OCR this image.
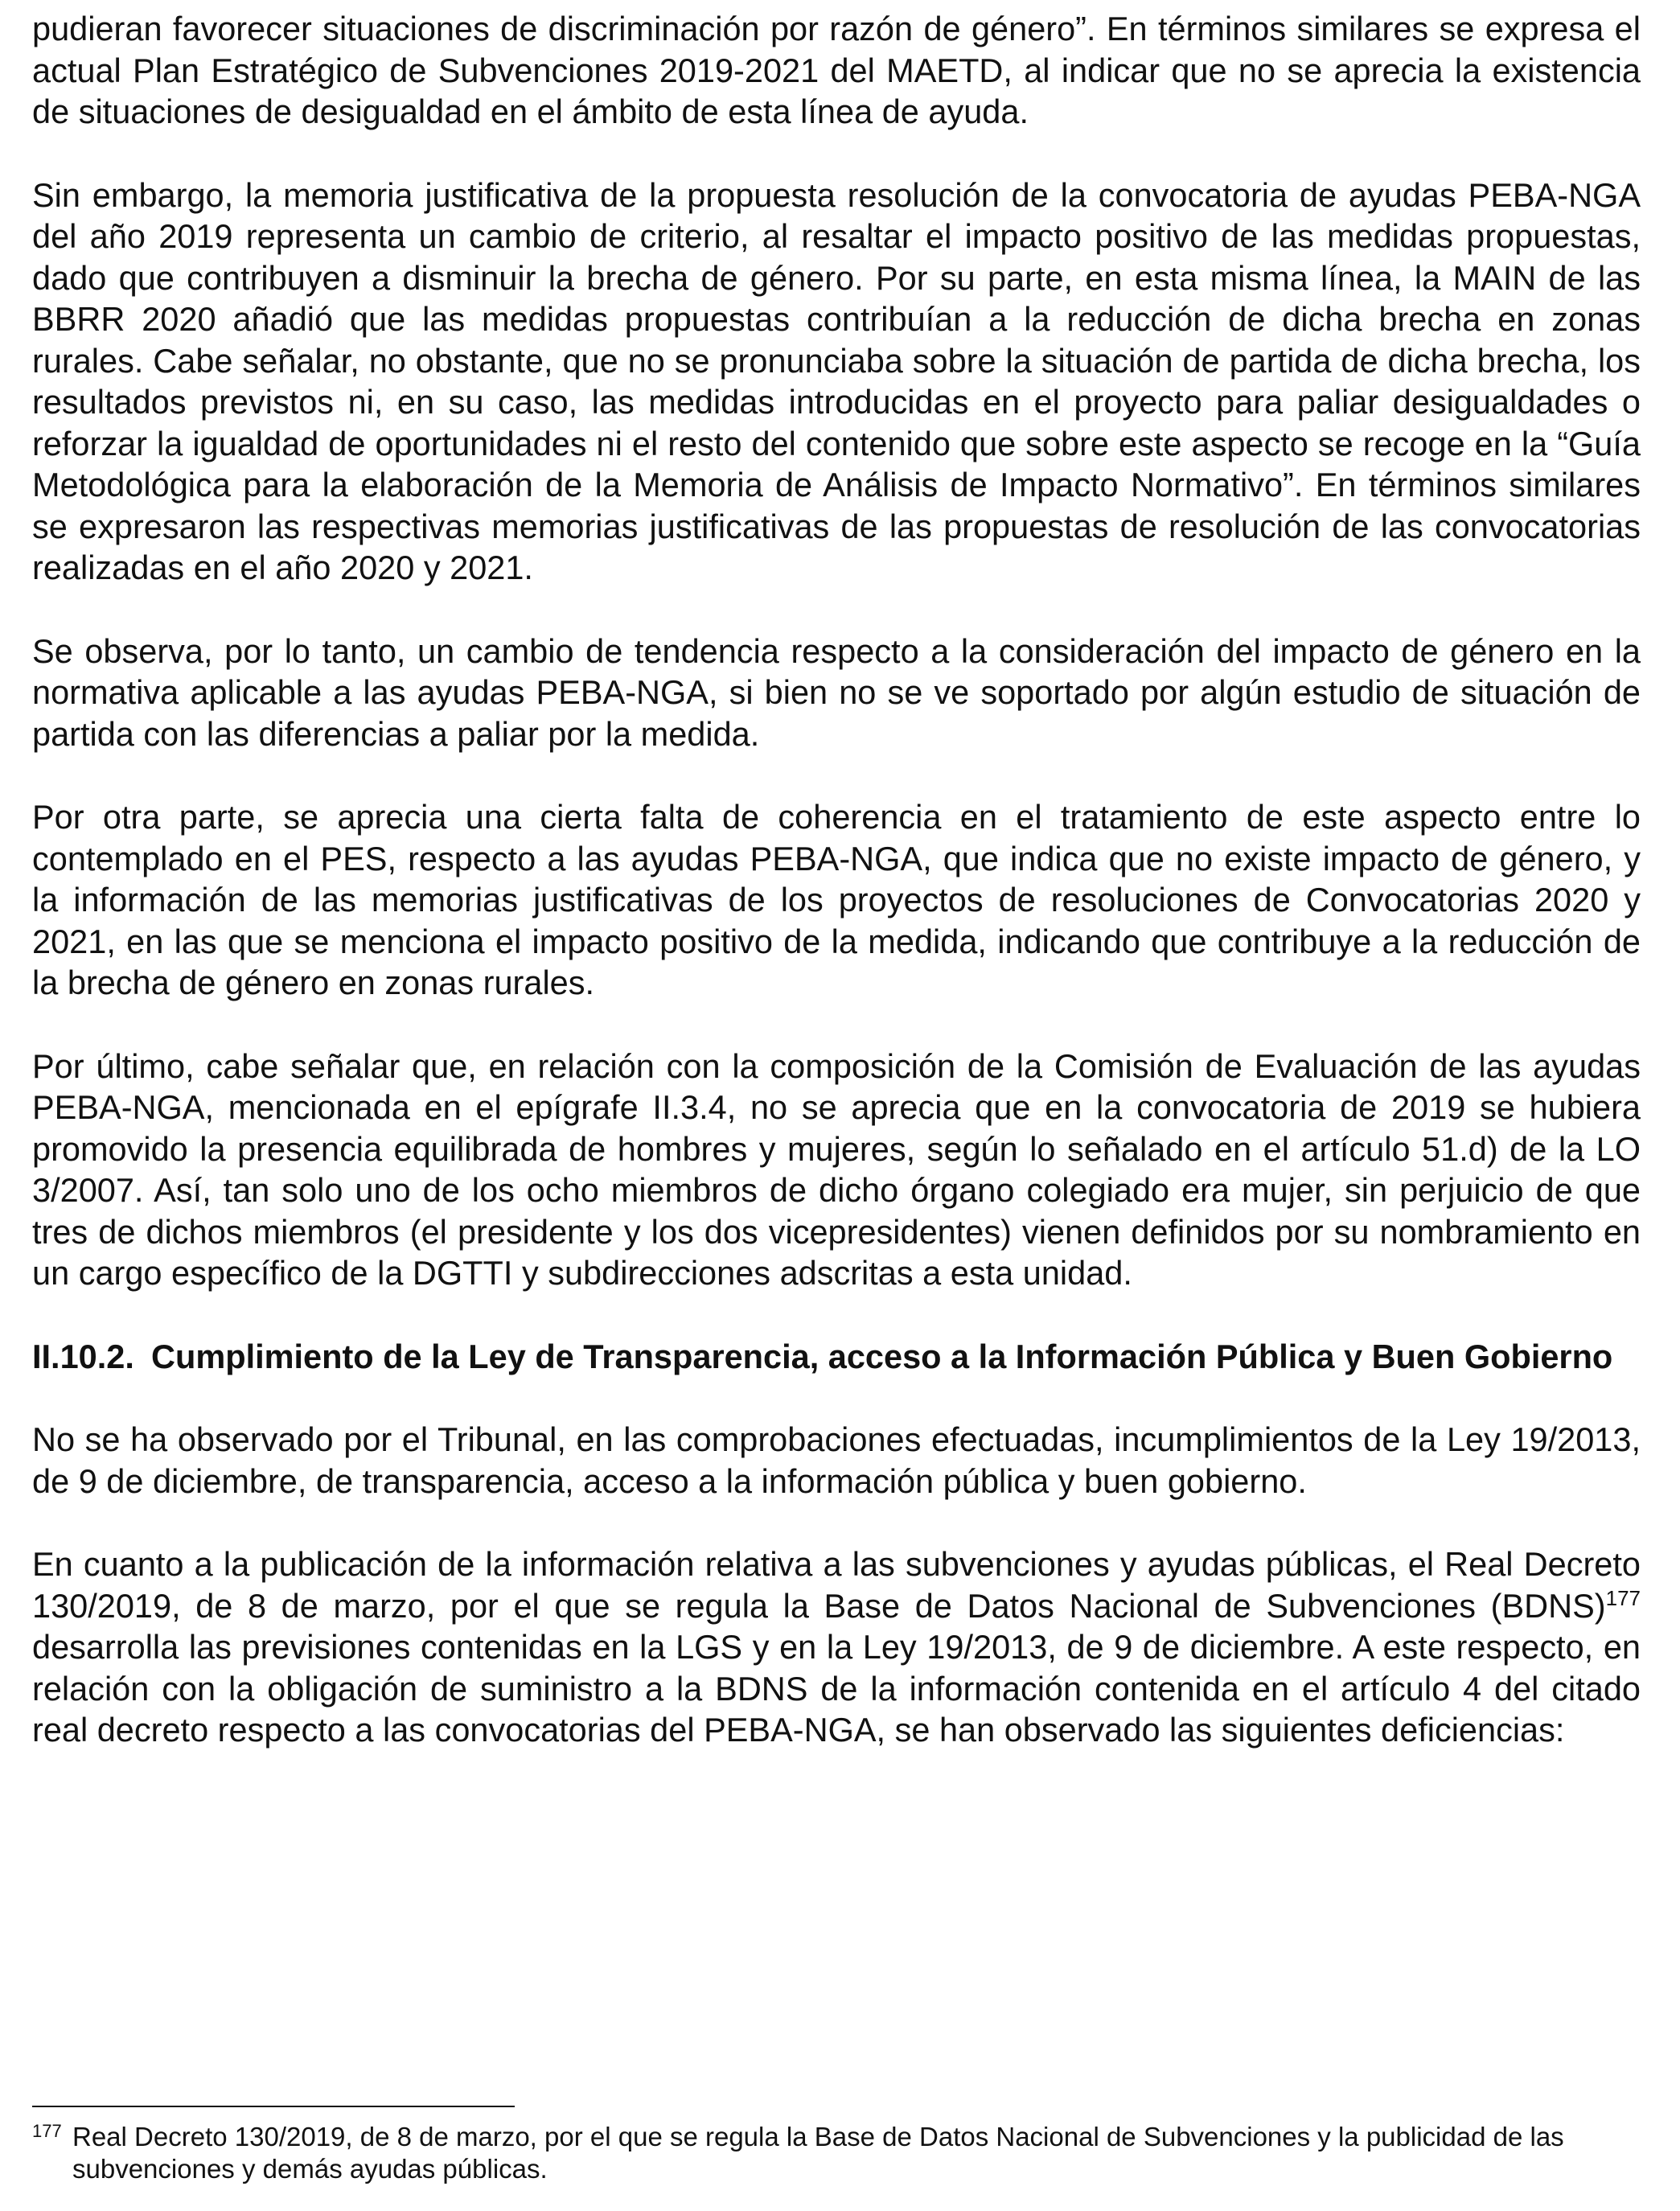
pudieran favorecer situaciones de discriminación por razón de género”. En términos similares se expresa el actual Plan Estratégico de Subvenciones 2019-2021 del MAETD, al indicar que no se aprecia la existencia de situaciones de desigualdad en el ámbito de esta línea de ayuda.

Sin embargo, la memoria justificativa de la propuesta resolución de la convocatoria de ayudas PEBA-NGA del año 2019 representa un cambio de criterio, al resaltar el impacto positivo de las medidas propuestas, dado que contribuyen a disminuir la brecha de género. Por su parte, en esta misma línea, la MAIN de las BBRR 2020 añadió que las medidas propuestas contribuían a la reducción de dicha brecha en zonas rurales. Cabe señalar, no obstante, que no se pronunciaba sobre la situación de partida de dicha brecha, los resultados previstos ni, en su caso, las medidas introducidas en el proyecto para paliar desigualdades o reforzar la igualdad de oportunidades ni el resto del contenido que sobre este aspecto se recoge en la “Guía Metodológica para la elaboración de la Memoria de Análisis de Impacto Normativo”. En términos similares se expresaron las respectivas memorias justificativas de las propuestas de resolución de las convocatorias realizadas en el año 2020 y 2021.

Se observa, por lo tanto, un cambio de tendencia respecto a la consideración del impacto de género en la normativa aplicable a las ayudas PEBA-NGA, si bien no se ve soportado por algún estudio de situación de partida con las diferencias a paliar por la medida.

Por otra parte, se aprecia una cierta falta de coherencia en el tratamiento de este aspecto entre lo contemplado en el PES, respecto a las ayudas PEBA-NGA, que indica que no existe impacto de género, y la información de las memorias justificativas de los proyectos de resoluciones de Convocatorias 2020 y 2021, en las que se menciona el impacto positivo de la medida, indicando que contribuye a la reducción de la brecha de género en zonas rurales.

Por último, cabe señalar que, en relación con la composición de la Comisión de Evaluación de las ayudas PEBA-NGA, mencionada en el epígrafe II.3.4, no se aprecia que en la convocatoria de 2019 se hubiera promovido la presencia equilibrada de hombres y mujeres, según lo señalado en el artículo 51.d) de la LO 3/2007. Así, tan solo uno de los ocho miembros de dicho órgano colegiado era mujer, sin perjuicio de que tres de dichos miembros (el presidente y los dos vicepresidentes) vienen definidos por su nombramiento en un cargo específico de la DGTTI y subdirecciones adscritas a esta unidad.

II.10.2. Cumplimiento de la Ley de Transparencia, acceso a la Información Pública y Buen Gobierno

No se ha observado por el Tribunal, en las comprobaciones efectuadas, incumplimientos de la Ley 19/2013, de 9 de diciembre, de transparencia, acceso a la información pública y buen gobierno.

En cuanto a la publicación de la información relativa a las subvenciones y ayudas públicas, el Real Decreto 130/2019, de 8 de marzo, por el que se regula la Base de Datos Nacional de Subvenciones (BDNS)$^{177}$ desarrolla las previsiones contenidas en la LGS y en la Ley 19/2013, de 9 de diciembre. A este respecto, en relación con la obligación de suministro a la BDNS de la información contenida en el artículo 4 del citado real decreto respecto a las convocatorias del PEBA-NGA, se han observado las siguientes deficiencias:

177 Real Decreto 130/2019, de 8 de marzo, por el que se regula la Base de Datos Nacional de Subvenciones y la publicidad de las subvenciones y demás ayudas públicas.
